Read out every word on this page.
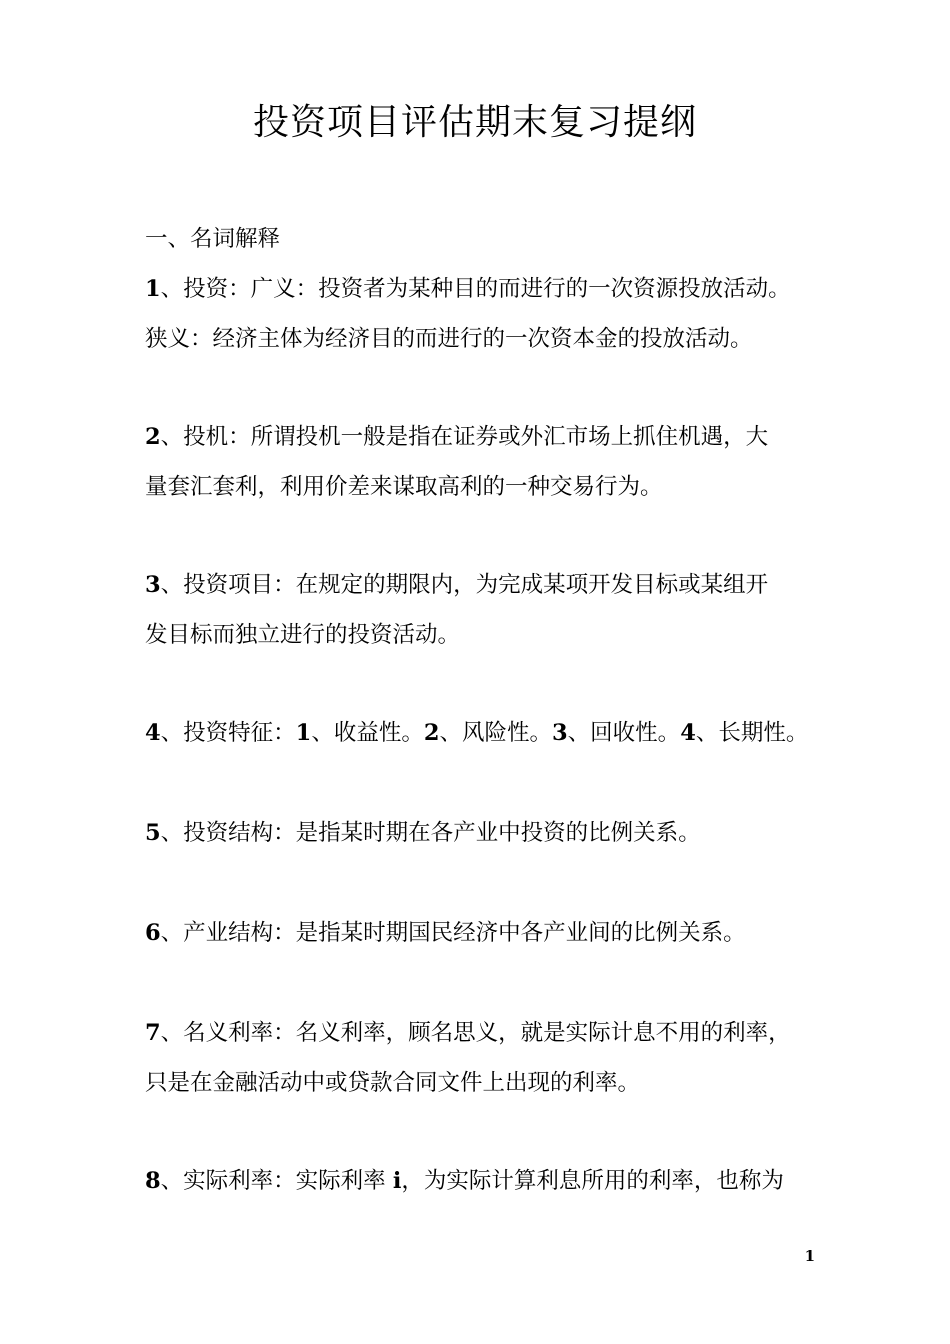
投资项目评估期末复习提纲

一、名词解释

1、投资：广义：投资者为某种目的而进行的一次资源投放活动。
狭义：经济主体为经济目的而进行的一次资本金的投放活动。
2、投机：所谓投机一般是指在证券或外汇市场上抓住机遇，大
量套汇套利，利用价差来谋取高利的一种交易行为。
3、投资项目：在规定的期限内，为完成某项开发目标或某组开
发目标而独立进行的投资活动。
4、投资特征：1、收益性。2、风险性。3、回收性。4、长期性。
5、投资结构：是指某时期在各产业中投资的比例关系。
6、产业结构：是指某时期国民经济中各产业间的比例关系。
7、名义利率：名义利率，顾名思义，就是实际计息不用的利率，
只是在金融活动中或贷款合同文件上出现的利率。
8、实际利率：实际利率 i，为实际计算利息所用的利率，也称为
1
